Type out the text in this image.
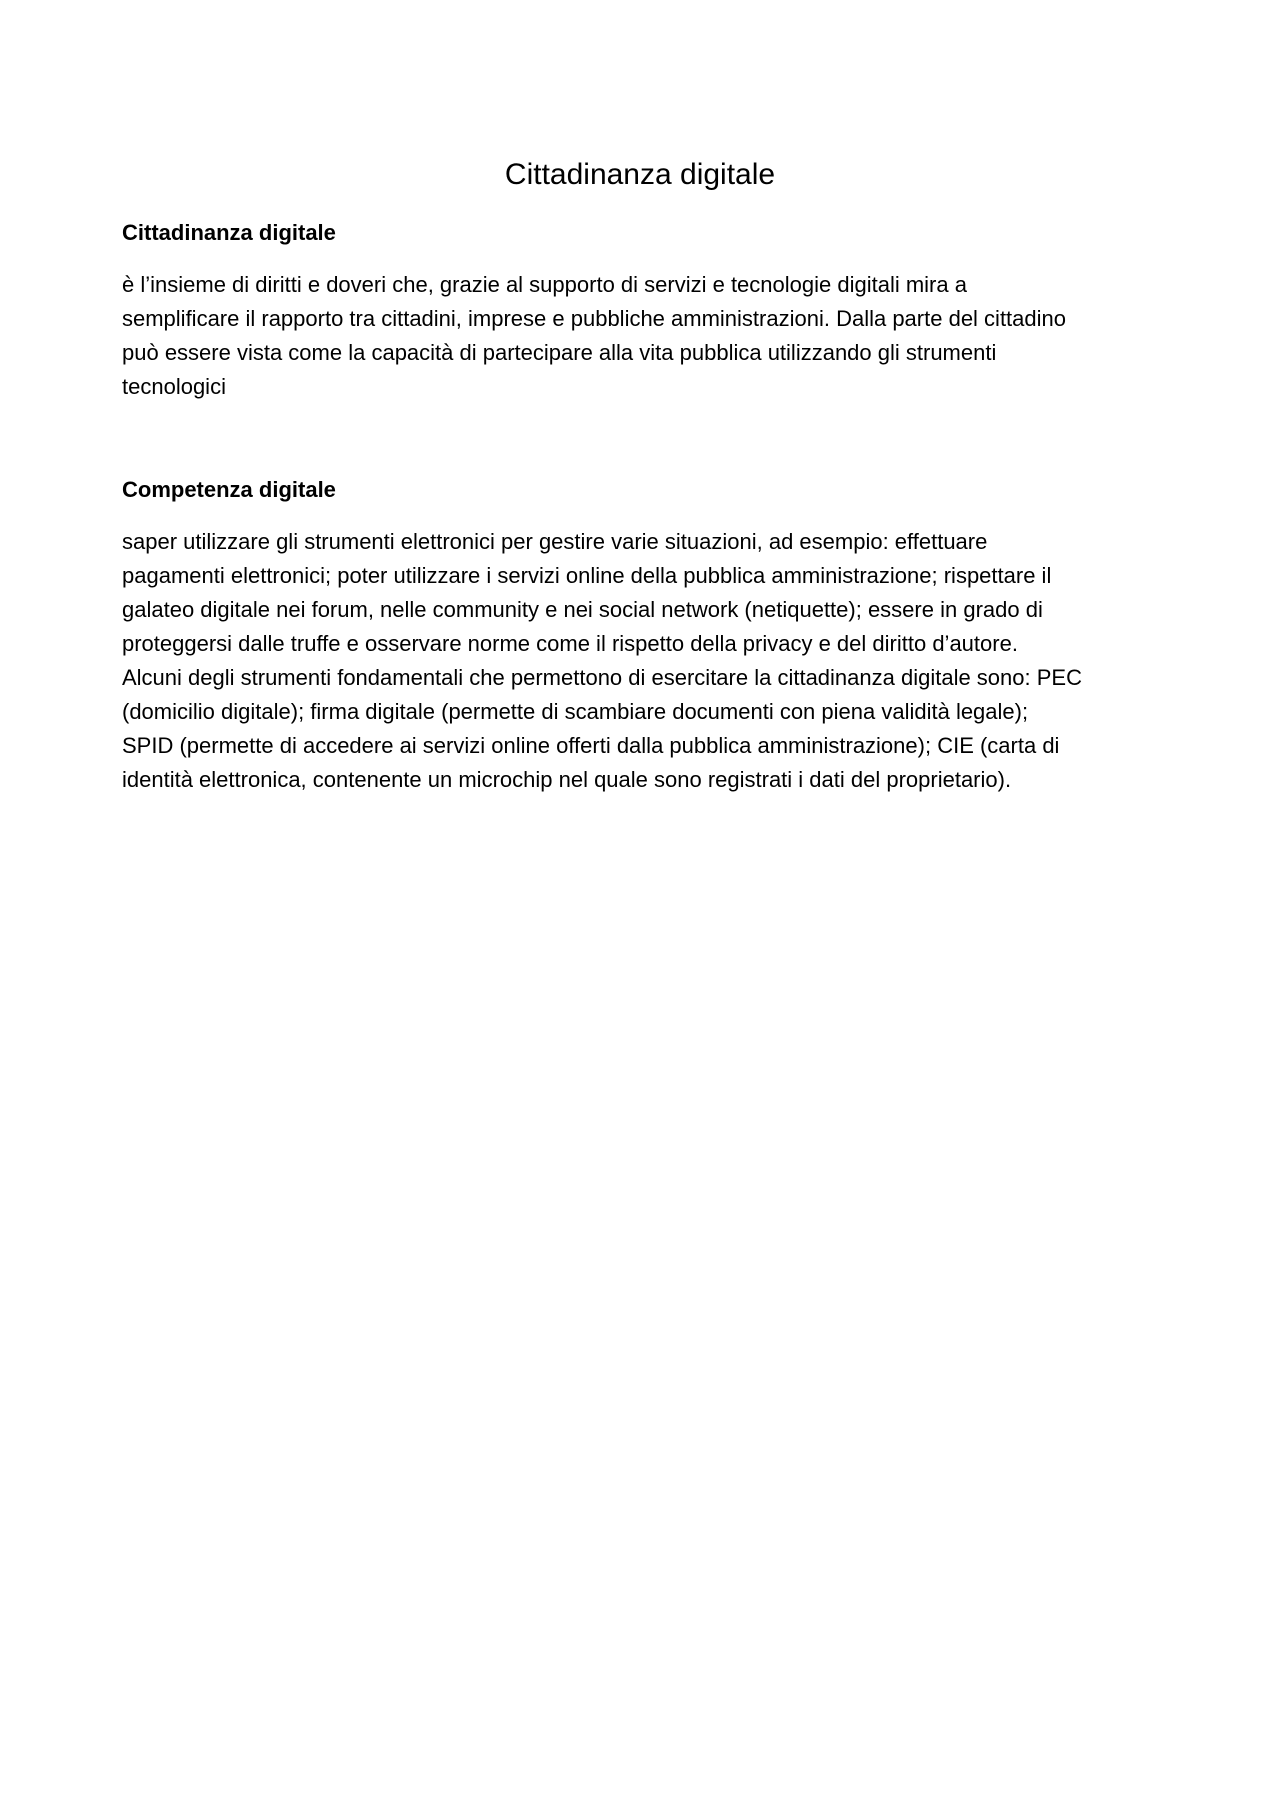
Cittadinanza digitale
Cittadinanza digitale

è l’insieme di diritti e doveri che, grazie al supporto di servizi e tecnologie digitali mira a
semplificare il rapporto tra cittadini, imprese e pubbliche amministrazioni. Dalla parte del cittadino
può essere vista come la capacità di partecipare alla vita pubblica utilizzando gli strumenti
tecnologici

Competenza digitale

saper utilizzare gli strumenti elettronici per gestire varie situazioni, ad esempio: effettuare
pagamenti elettronici; poter utilizzare i servizi online della pubblica amministrazione; rispettare il
galateo digitale nei forum, nelle community e nei social network (netiquette); essere in grado di
proteggersi dalle truffe e osservare norme come il rispetto della privacy e del diritto d’autore.
Alcuni degli strumenti fondamentali che permettono di esercitare la cittadinanza digitale sono: PEC
(domicilio digitale); firma digitale (permette di scambiare documenti con piena validità legale);
SPID (permette di accedere ai servizi online offerti dalla pubblica amministrazione); CIE (carta di
identità elettronica, contenente un microchip nel quale sono registrati i dati del proprietario).
